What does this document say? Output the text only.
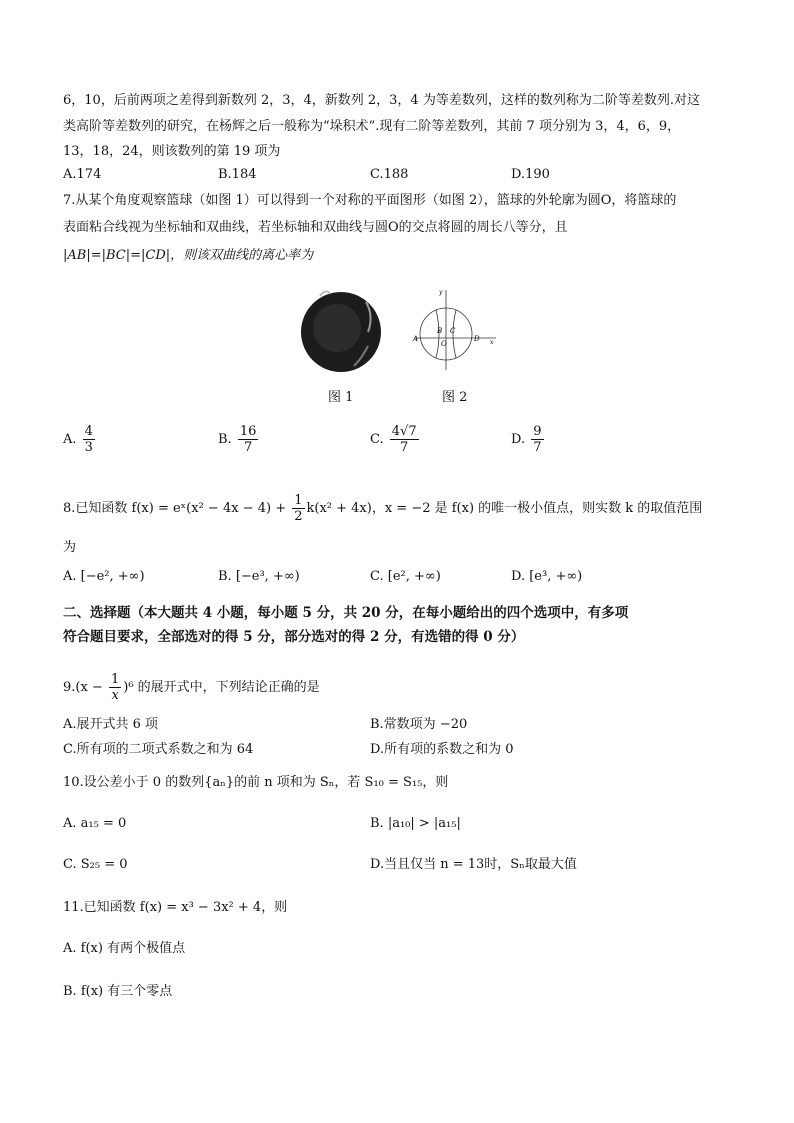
6，10，后前两项之差得到新数列 2，3，4，新数列 2，3，4 为等差数列，这样的数列称为二阶等差数列.对这
类高阶等差数列的研究，在杨辉之后一般称为“垛积术”.现有二阶等差数列，其前 7 项分别为 3，4，6，9，
13，18，24，则该数列的第 19 项为
A.174	B.184	C.188	D.190
7.从某个角度观察篮球（如图 1）可以得到一个对称的平面图形（如图 2），篮球的外轮廓为圆O，将篮球的
表面粘合线视为坐标轴和双曲线，若坐标轴和双曲线与圆O的交点将圆的周长八等分，且
|AB|=|BC|=|CD|，则该双曲线的离心率为
A
B C
D
O	x
y
图 1	图 2
A. $\frac{4}{3}$	B. $\frac{16}{7}$	C. $\frac{4√7}{7}$	D. $\frac{9}{7}$
8.已知函数 f(x) = eˣ(x² − $4x - 4) + \frac{1}{2} k(x^2 + 4x)$，x = −2 是 f(x) 的唯一极小值点，则实数 k 的取值范围
为
A. [−e², +∞)	B. [−e³, +∞)	C. [e², +∞)	D. [e³, +∞)
二、选择题（本大题共 4 小题，每小题 5 分，共 20 分，在每小题给出的四个选项中，有多项
符合题目要求，全部选对的得 5 分，部分选对的得 2 分，有选错的得 0 分）
$9.(x - \frac{1}{x} )^6$ 的展开式中，下列结论正确的是
A.展开式共 6 项	B.常数项为 −20
C.所有项的二项式系数之和为 64	D.所有项的系数之和为 0
10.设公差小于 0 的数列{aₙ}的前 n 项和为 Sₙ，若 S₁₀ = S₁₅，则
A. a₁₅ = 0	B. |a₁₀| > |a₁₅|
C. S₂₅ = 0	D.当且仅当 n = 13时，Sₙ取最大值
11.已知函数 f(x) = x³ − 3x² + 4，则
A. f(x) 有两个极值点
B. f(x) 有三个零点
